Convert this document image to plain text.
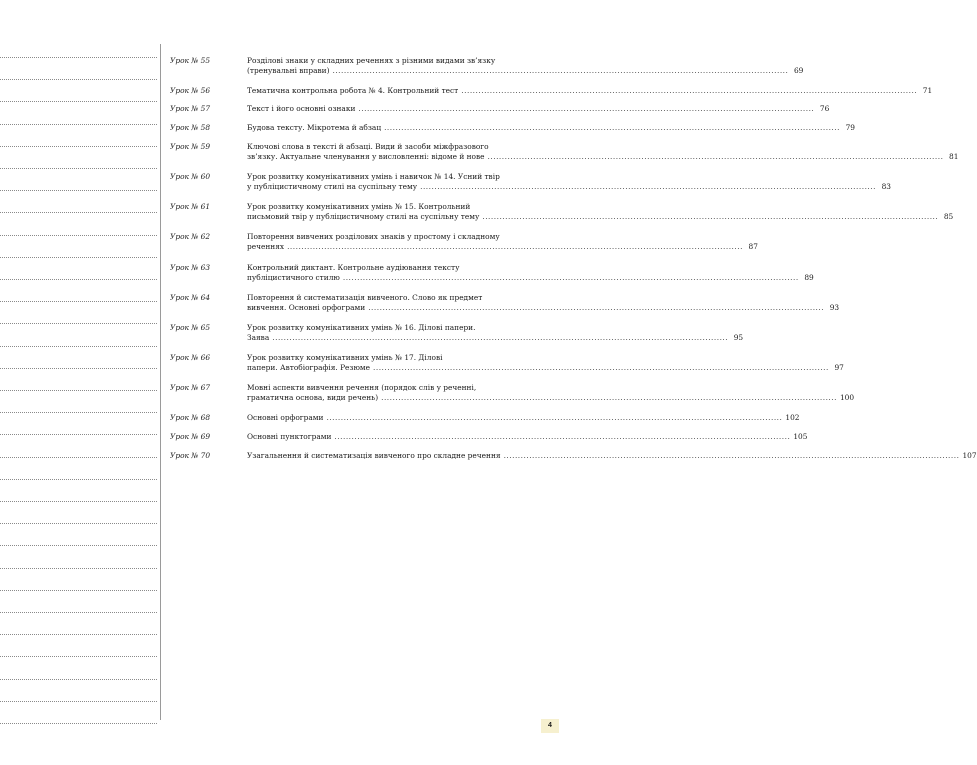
Урок № 55	Розділові знаки у складних реченнях з різними видами зв’язку
(тренувальні вправи) ................................................................................................................................................................ 69
Урок № 56	Тематична контрольна робота № 4. Контрольний тест ................................................................................................................................................................ 71
Урок № 57	Текст і його основні ознаки ................................................................................................................................................................ 76
Урок № 58	Будова тексту. Мікротема й абзац ................................................................................................................................................................ 79
Урок № 59	Ключові слова в тексті й абзаці. Види й засоби міжфразового
зв’язку. Актуальне членування у висловленні: відоме й нове ................................................................................................................................................................ 81
Урок № 60	Урок розвитку комунікативних умінь і навичок № 14. Усний твір
у публіцистичному стилі на суспільну тему ................................................................................................................................................................ 83
Урок № 61	Урок розвитку комунікативних умінь № 15. Контрольний
письмовий твір у публіцистичному стилі на суспільну тему ................................................................................................................................................................ 85
Урок № 62	Повторення вивчених розділових знаків у простому і складному
реченнях ................................................................................................................................................................ 87
Урок № 63	Контрольний диктант. Контрольне аудіювання тексту
публіцистичного стилю ................................................................................................................................................................ 89
Урок № 64	Повторення й систематизація вивченого. Слово як предмет
вивчення. Основні орфограми ................................................................................................................................................................ 93
Урок № 65	Урок розвитку комунікативних умінь № 16. Ділові папери.
Заява ................................................................................................................................................................ 95
Урок № 66	Урок розвитку комунікативних умінь № 17. Ділові
папери. Автобіографія. Резюме ................................................................................................................................................................ 97
Урок № 67	Мовні аспекти вивчення речення (порядок слів у реченні,
граматична основа, види речень) ................................................................................................................................................................ 100
Урок № 68	Основні орфограми ................................................................................................................................................................ 102
Урок № 69	Основні пунктограми ................................................................................................................................................................ 105
Урок № 70	Узагальнення й систематизація вивченого про складне речення ................................................................................................................................................................ 107
4
